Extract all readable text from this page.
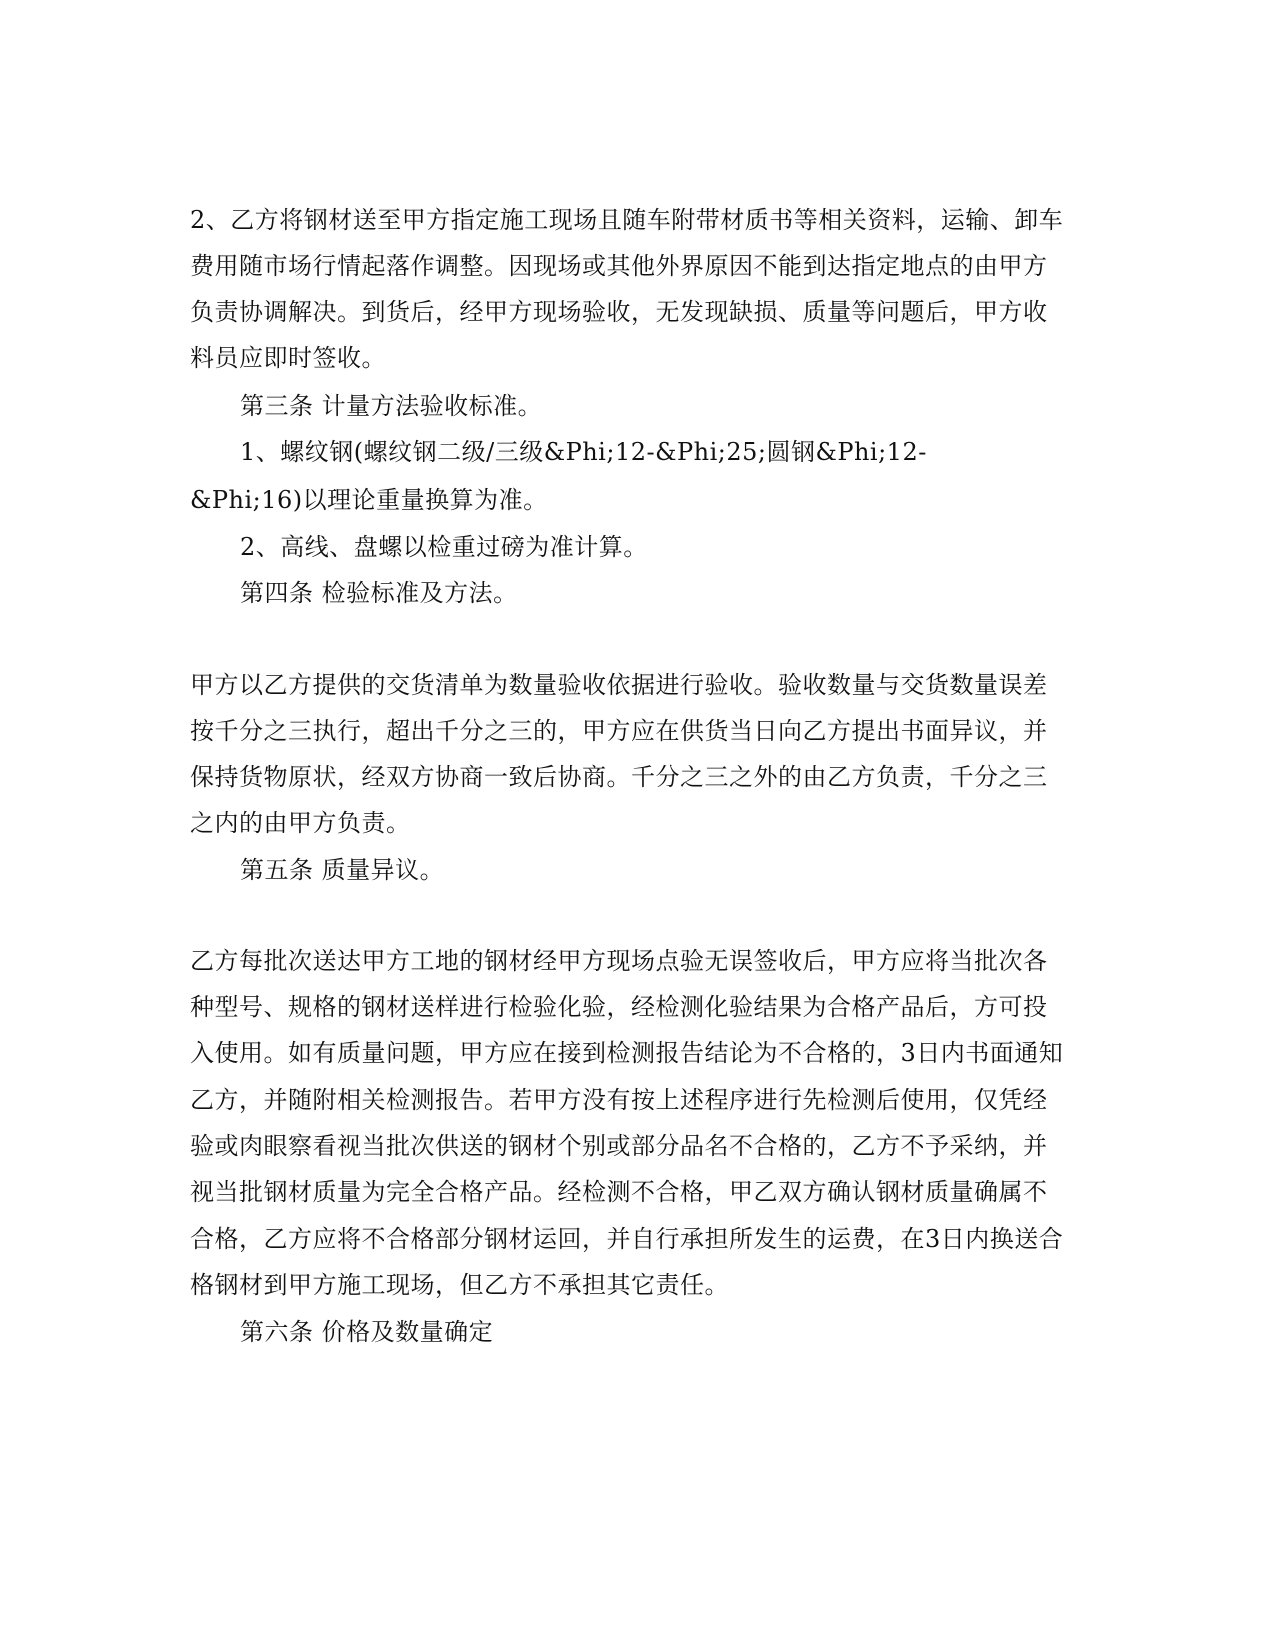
2、乙方将钢材送至甲方指定施工现场且随车附带材质书等相关资料，运输、卸车
费用随市场行情起落作调整。因现场或其他外界原因不能到达指定地点的由甲方
负责协调解决。到货后，经甲方现场验收，无发现缺损、质量等问题后，甲方收
料员应即时签收。
第三条 计量方法验收标准。
1、螺纹钢(螺纹钢二级/三级&Phi;12-&Phi;25;圆钢&Phi;12-
&Phi;16)以理论重量换算为准。
2、高线、盘螺以检重过磅为准计算。
第四条 检验标准及方法。
甲方以乙方提供的交货清单为数量验收依据进行验收。验收数量与交货数量误差
按千分之三执行，超出千分之三的，甲方应在供货当日向乙方提出书面异议，并
保持货物原状，经双方协商一致后协商。千分之三之外的由乙方负责，千分之三
之内的由甲方负责。
第五条 质量异议。
乙方每批次送达甲方工地的钢材经甲方现场点验无误签收后，甲方应将当批次各
种型号、规格的钢材送样进行检验化验，经检测化验结果为合格产品后，方可投
入使用。如有质量问题，甲方应在接到检测报告结论为不合格的，3日内书面通知
乙方，并随附相关检测报告。若甲方没有按上述程序进行先检测后使用，仅凭经
验或肉眼察看视当批次供送的钢材个别或部分品名不合格的，乙方不予采纳，并
视当批钢材质量为完全合格产品。经检测不合格，甲乙双方确认钢材质量确属不
合格，乙方应将不合格部分钢材运回，并自行承担所发生的运费，在3日内换送合
格钢材到甲方施工现场，但乙方不承担其它责任。
第六条 价格及数量确定
